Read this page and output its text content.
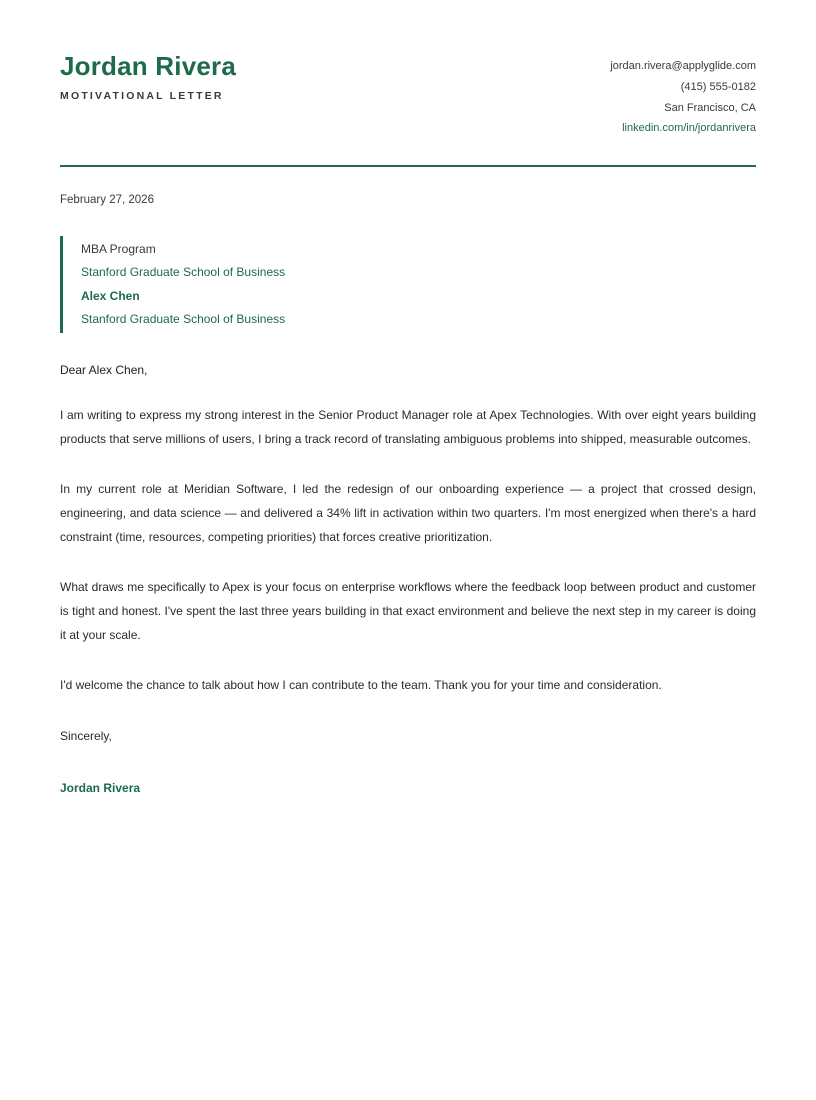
Jordan Rivera
MOTIVATIONAL LETTER
jordan.rivera@applyglide.com
(415) 555-0182
San Francisco, CA
linkedin.com/in/jordanrivera
February 27, 2026
MBA Program
Stanford Graduate School of Business
Alex Chen
Stanford Graduate School of Business
Dear Alex Chen,
I am writing to express my strong interest in the Senior Product Manager role at Apex Technologies. With over eight years building products that serve millions of users, I bring a track record of translating ambiguous problems into shipped, measurable outcomes.
In my current role at Meridian Software, I led the redesign of our onboarding experience — a project that crossed design, engineering, and data science — and delivered a 34% lift in activation within two quarters. I'm most energized when there's a hard constraint (time, resources, competing priorities) that forces creative prioritization.
What draws me specifically to Apex is your focus on enterprise workflows where the feedback loop between product and customer is tight and honest. I've spent the last three years building in that exact environment and believe the next step in my career is doing it at your scale.
I'd welcome the chance to talk about how I can contribute to the team. Thank you for your time and consideration.
Sincerely,
Jordan Rivera
